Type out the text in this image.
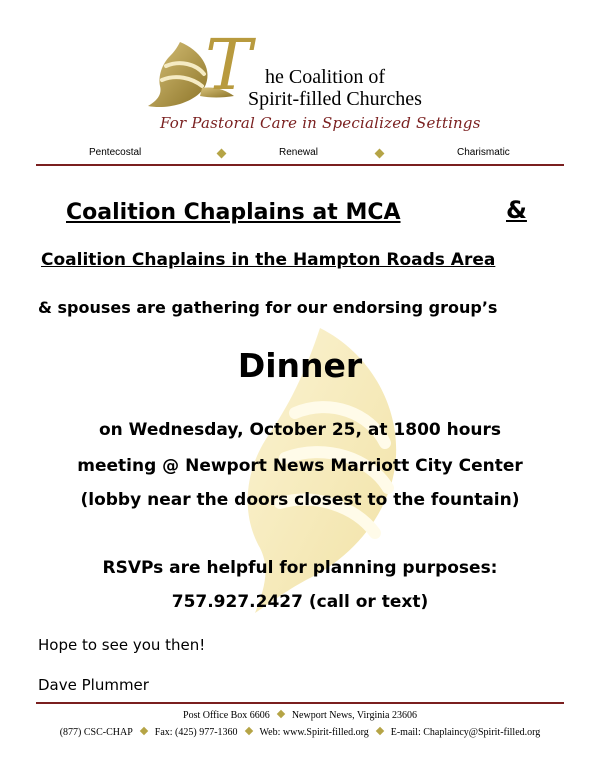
T he Coalition of
Spirit-filled Churches
For Pastoral Care in Specialized Settings
Pentecostal	Renewal	Charismatic
Coalition Chaplains at MCA	&
Coalition Chaplains in the Hampton Roads Area
& spouses are gathering for our endorsing group’s
Dinner
on Wednesday, October 25, at 1800 hours
meeting @ Newport News Marriott City Center
(lobby near the doors closest to the fountain)
RSVPs are helpful for planning purposes:
757.927.2427 (call or text)
Hope to see you then!
Dave Plummer
Post Office Box 6606 Newport News, Virginia 23606
(877) CSC-CHAP Fax: (425) 977-1360 Web: www.Spirit-filled.org E-mail: Chaplaincy@Spirit-filled.org
